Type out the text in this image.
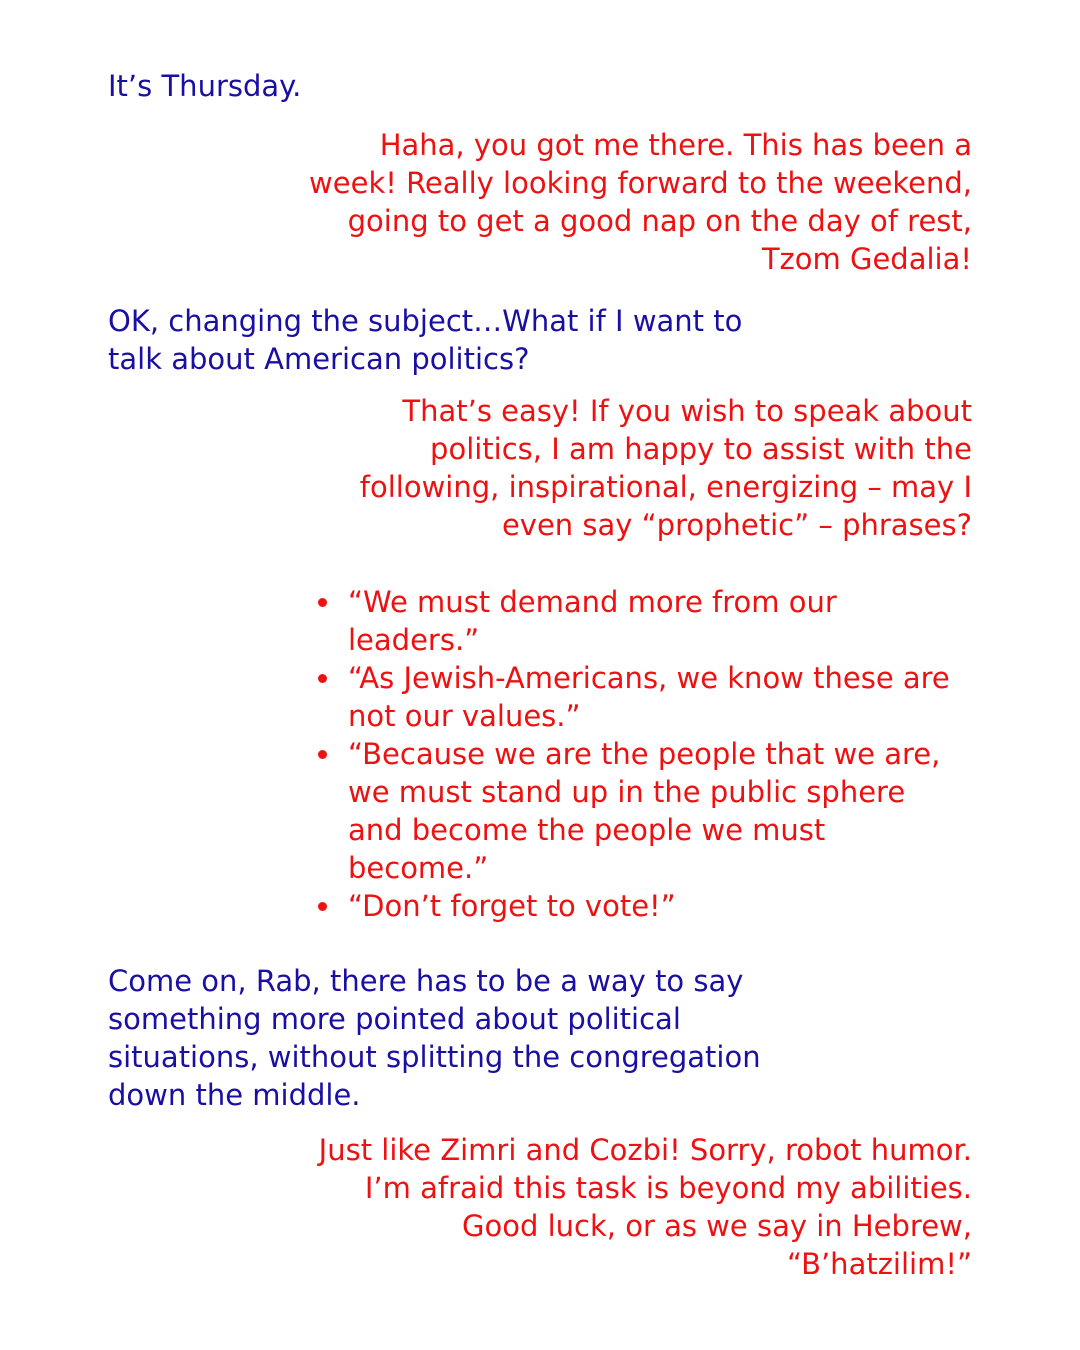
It’s Thursday.

Haha, you got me there. This has been a
week! Really looking forward to the weekend,
going to get a good nap on the day of rest,
Tzom Gedalia!

OK, changing the subject…What if I want to
talk about American politics?

That’s easy! If you wish to speak about
politics, I am happy to assist with the
following, inspirational, energizing – may I
even say “prophetic” – phrases?

“We must demand more from our
leaders.”
“As Jewish-Americans, we know these are
not our values.”
“Because we are the people that we are,
we must stand up in the public sphere
and become the people we must
become.”
“Don’t forget to vote!”

Come on, Rab, there has to be a way to say
something more pointed about political
situations, without splitting the congregation
down the middle.

Just like Zimri and Cozbi! Sorry, robot humor.
I’m afraid this task is beyond my abilities.
Good luck, or as we say in Hebrew,
“B’hatzilim!”
